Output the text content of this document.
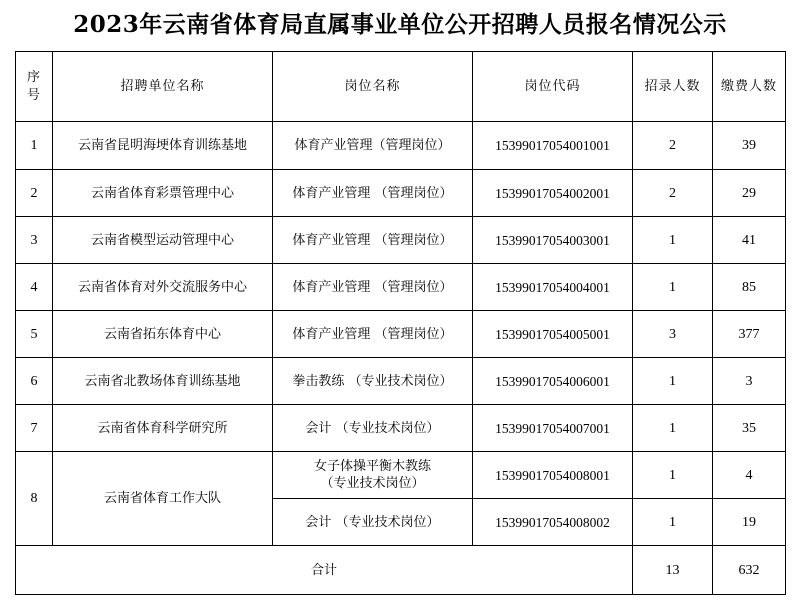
2023年云南省体育局直属事业单位公开招聘人员报名情况公示
序
号	招聘单位名称	岗位名称	岗位代码	招录人数	缴费人数
1	云南省昆明海埂体育训练基地	体育产业管理（管理岗位）	15399017054001001	2	39
2	云南省体育彩票管理中心	体育产业管理 （管理岗位）	15399017054002001	2	29
3	云南省模型运动管理中心	体育产业管理 （管理岗位）	15399017054003001	1	41
4	云南省体育对外交流服务中心	体育产业管理 （管理岗位）	15399017054004001	1	85
5	云南省拓东体育中心	体育产业管理 （管理岗位）	15399017054005001	3	377
6	云南省北教场体育训练基地	拳击教练 （专业技术岗位）	15399017054006001	1	3
7	云南省体育科学研究所	会计 （专业技术岗位）	15399017054007001	1	35
8	云南省体育工作大队	女子体操平衡木教练
（专业技术岗位）	15399017054008001	1	4
		会计 （专业技术岗位）	15399017054008002	1	19
合计				13	632
